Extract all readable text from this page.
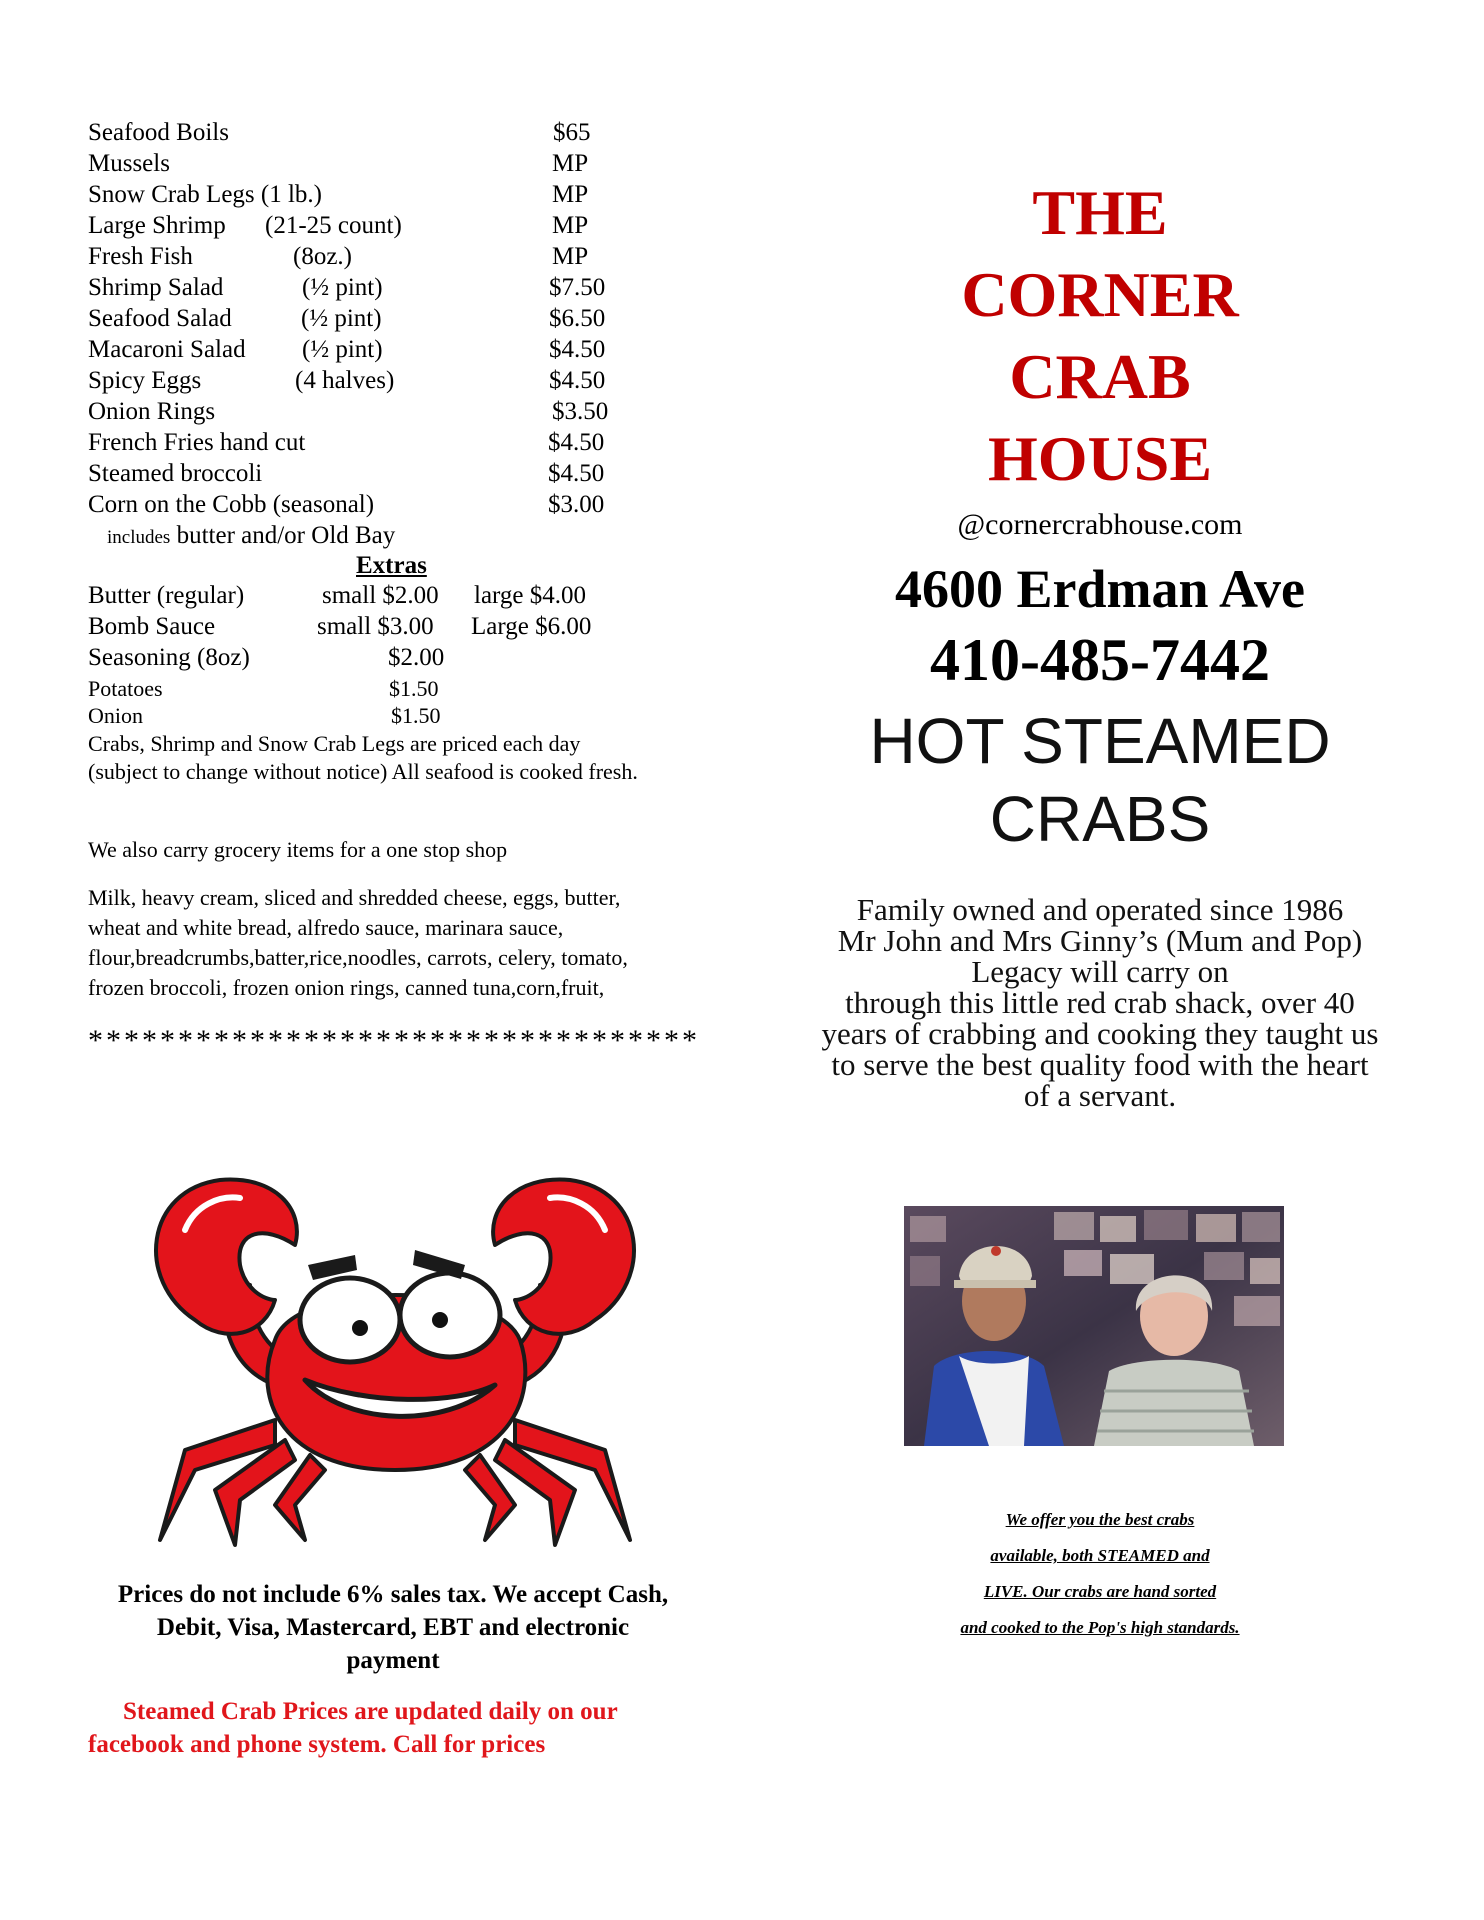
Seafood Boils	$65
Mussels	MP
Snow Crab Legs (1 lb.)	MP
Large Shrimp (21-25 count)	MP
Fresh Fish	(8oz.)	MP
Shrimp Salad	(½ pint)	$7.50
Seafood Salad	(½ pint)	$6.50
Macaroni Salad (½ pint)	$4.50
Spicy Eggs	(4 halves)	$4.50
Onion Rings	$3.50
French Fries hand cut	$4.50
Steamed broccoli	$4.50
Corn on the Cobb (seasonal)	$3.00
includes butter and/or Old Bay
Extras
Butter (regular)	small $2.00 large $4.00
Bomb Sauce	small $3.00 Large $6.00
Seasoning (8oz)	$2.00
Potatoes	$1.50
Onion	$1.50
Crabs, Shrimp and Snow Crab Legs are priced each day
(subject to change without notice) All seafood is cooked fresh.
We also carry grocery items for a one stop shop
Milk, heavy cream, sliced and shredded cheese, eggs, butter,
wheat and white bread, alfredo sauce, marinara sauce,
flour,breadcrumbs,batter,rice,noodles, carrots, celery, tomato,
frozen broccoli, frozen onion rings, canned tuna,corn,fruit,
**********************************
Prices do not include 6% sales tax. We accept Cash,
Debit, Visa, Mastercard, EBT and electronic
payment
Steamed Crab Prices are updated daily on our
facebook and phone system. Call for prices
THE
CORNER
CRAB
HOUSE
@cornercrabhouse.com
4600 Erdman Ave
410-485-7442
HOT STEAMED
CRABS
Family owned and operated since 1986
Mr John and Mrs Ginny’s (Mum and Pop)
Legacy will carry on
through this little red crab shack, over 40
years of crabbing and cooking they taught us
to serve the best quality food with the heart
of a servant.
We offer you the best crabs
available, both STEAMED and
LIVE. Our crabs are hand sorted
and cooked to the Pop's high standards.
